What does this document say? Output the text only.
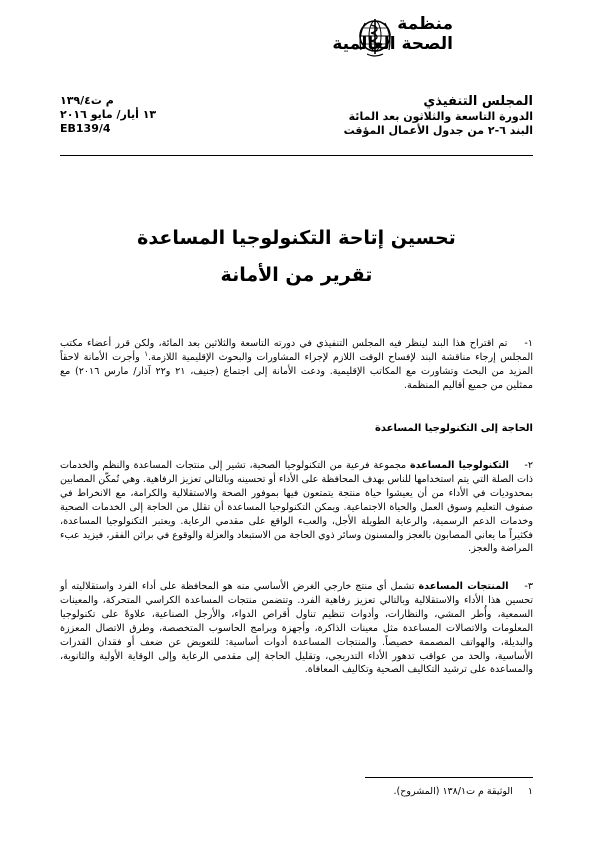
منظمة
الصحة العالمية
المجلس التنفيذي
الدورة التاسعة والثلاثون بعد المائة
البند ٦-٢ من جدول الأعمال المؤقت
م ت١٣٩/٤
١٣ أيار/ مايو ٢٠١٦
EB139/4
تحسين إتاحة التكنولوجيا المساعدة
تقرير من الأمانة

١-    تم اقتراح هذا البند لينظر فيه المجلس التنفيذي في دورته التاسعة والثلاثين بعد المائة، ولكن قرر أعضاء مكتب المجلس إرجاء مناقشة البند لإفساح الوقت اللازم لإجراء المشاورات والبحوث الإقليمية اللازمة.$^١$ وأجرت الأمانة لاحقاً المزيد من البحث وتشاورت مع المكاتب الإقليمية. ودعت الأمانة إلى اجتماع (جنيف، ٢١ و٢٢ آذار/ مارس ٢٠١٦) مع ممثلين من جميع أقاليم المنظمة.

الحاجة إلى التكنولوجيا المساعدة

٢-    التكنولوجيا المساعدة مجموعة فرعية من التكنولوجيا الصحية، تشير إلى منتجات المساعدة والنظم والخدمات ذات الصلة التي يتم استخدامها للناس بهدف المحافظة على الأداء أو تحسينه وبالتالي تعزيز الرفاهية. وهي تُمكّن المصابين بمحدوديات في الأداء من أن يعيشوا حياة منتجة يتمتعون فيها بموفور الصحة والاستقلالية والكرامة، مع الانخراط في صفوف التعليم وسوق العمل والحياة الاجتماعية. ويمكن التكنولوجيا المساعدة أن تقلل من الحاجة إلى الخدمات الصحية وخدمات الدعم الرسمية، والرعاية الطويلة الأجل، والعبء الواقع على مقدمي الرعاية. ويعتبر التكنولوجيا المساعدة، فكثيراً ما يعاني المصابون بالعجز والمسنون وسائر ذوي الحاجة من الاستبعاد والعزلة والوقوع في براثن الفقر، فيزيد عبء المراضة والعجز.

٣-    المنتجات المساعدة تشمل أي منتج خارجي الغرض الأساسي منه هو المحافظة على أداء الفرد واستقلاليته أو تحسين هذا الأداء والاستقلالية وبالتالي تعزيز رفاهية الفرد. وتتضمن منتجات المساعدة الكراسي المتحركة، والمعينات السمعية، وأُطر المشي، والنظارات، وأدوات تنظيم تناول أقراص الدواء، والأرجل الصناعية، علاوةً على تكنولوجيا المعلومات والاتصالات المساعدة مثل معينات الذاكرة، وأجهزة وبرامج الحاسوب المتخصصة، وطرق الاتصال المعززة والبديلة، والهواتف المصممة خصيصاً. والمنتجات المساعدة أدوات أساسية: للتعويض عن ضعف أو فقدان القدرات الأساسية، والحد من عواقب تدهور الأداء التدريجي، وتقليل الحاجة إلى مقدمي الرعاية وإلى الوقاية الأولية والثانوية، والمساعدة على ترشيد التكاليف الصحية وتكاليف المعافاة.

١     الوثيقة م ت١٣٨/١ (المشروح).
